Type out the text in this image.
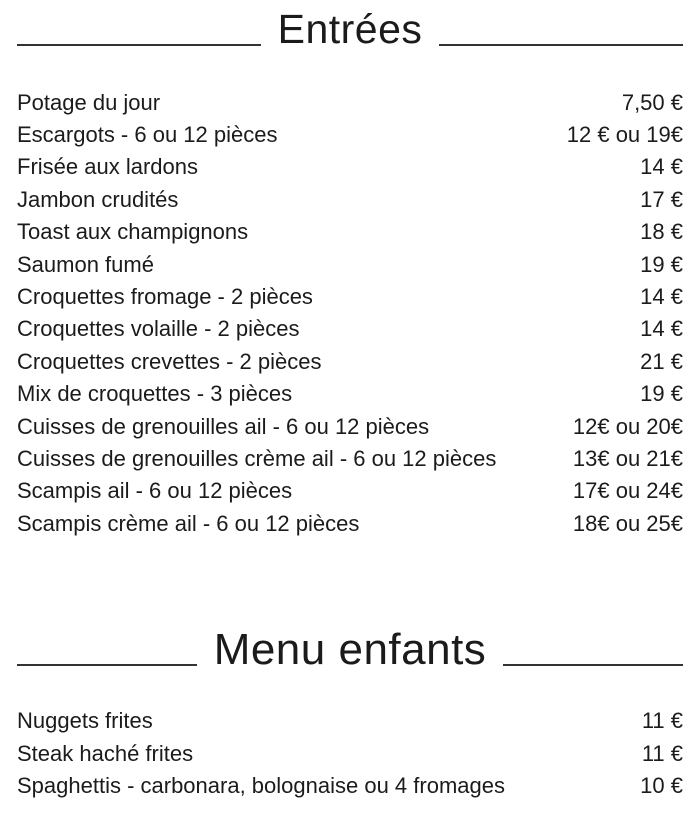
Entrées
Potage du jour	7,50 €
Escargots - 6 ou 12 pièces	12 € ou 19€
Frisée aux lardons	14 €
Jambon crudités	17 €
Toast aux champignons	18 €
Saumon fumé	19 €
Croquettes fromage - 2 pièces	14 €
Croquettes volaille - 2 pièces	14 €
Croquettes crevettes - 2 pièces	21 €
Mix de croquettes - 3 pièces	19 €
Cuisses de grenouilles ail - 6 ou 12 pièces	12€ ou 20€
Cuisses de grenouilles crème ail - 6 ou 12 pièces	13€ ou 21€
Scampis ail - 6 ou 12 pièces	17€ ou 24€
Scampis crème ail - 6 ou 12 pièces	18€ ou 25€
Menu enfants
Nuggets frites	11 €
Steak haché frites	11 €
Spaghettis - carbonara, bolognaise ou 4 fromages	10 €
